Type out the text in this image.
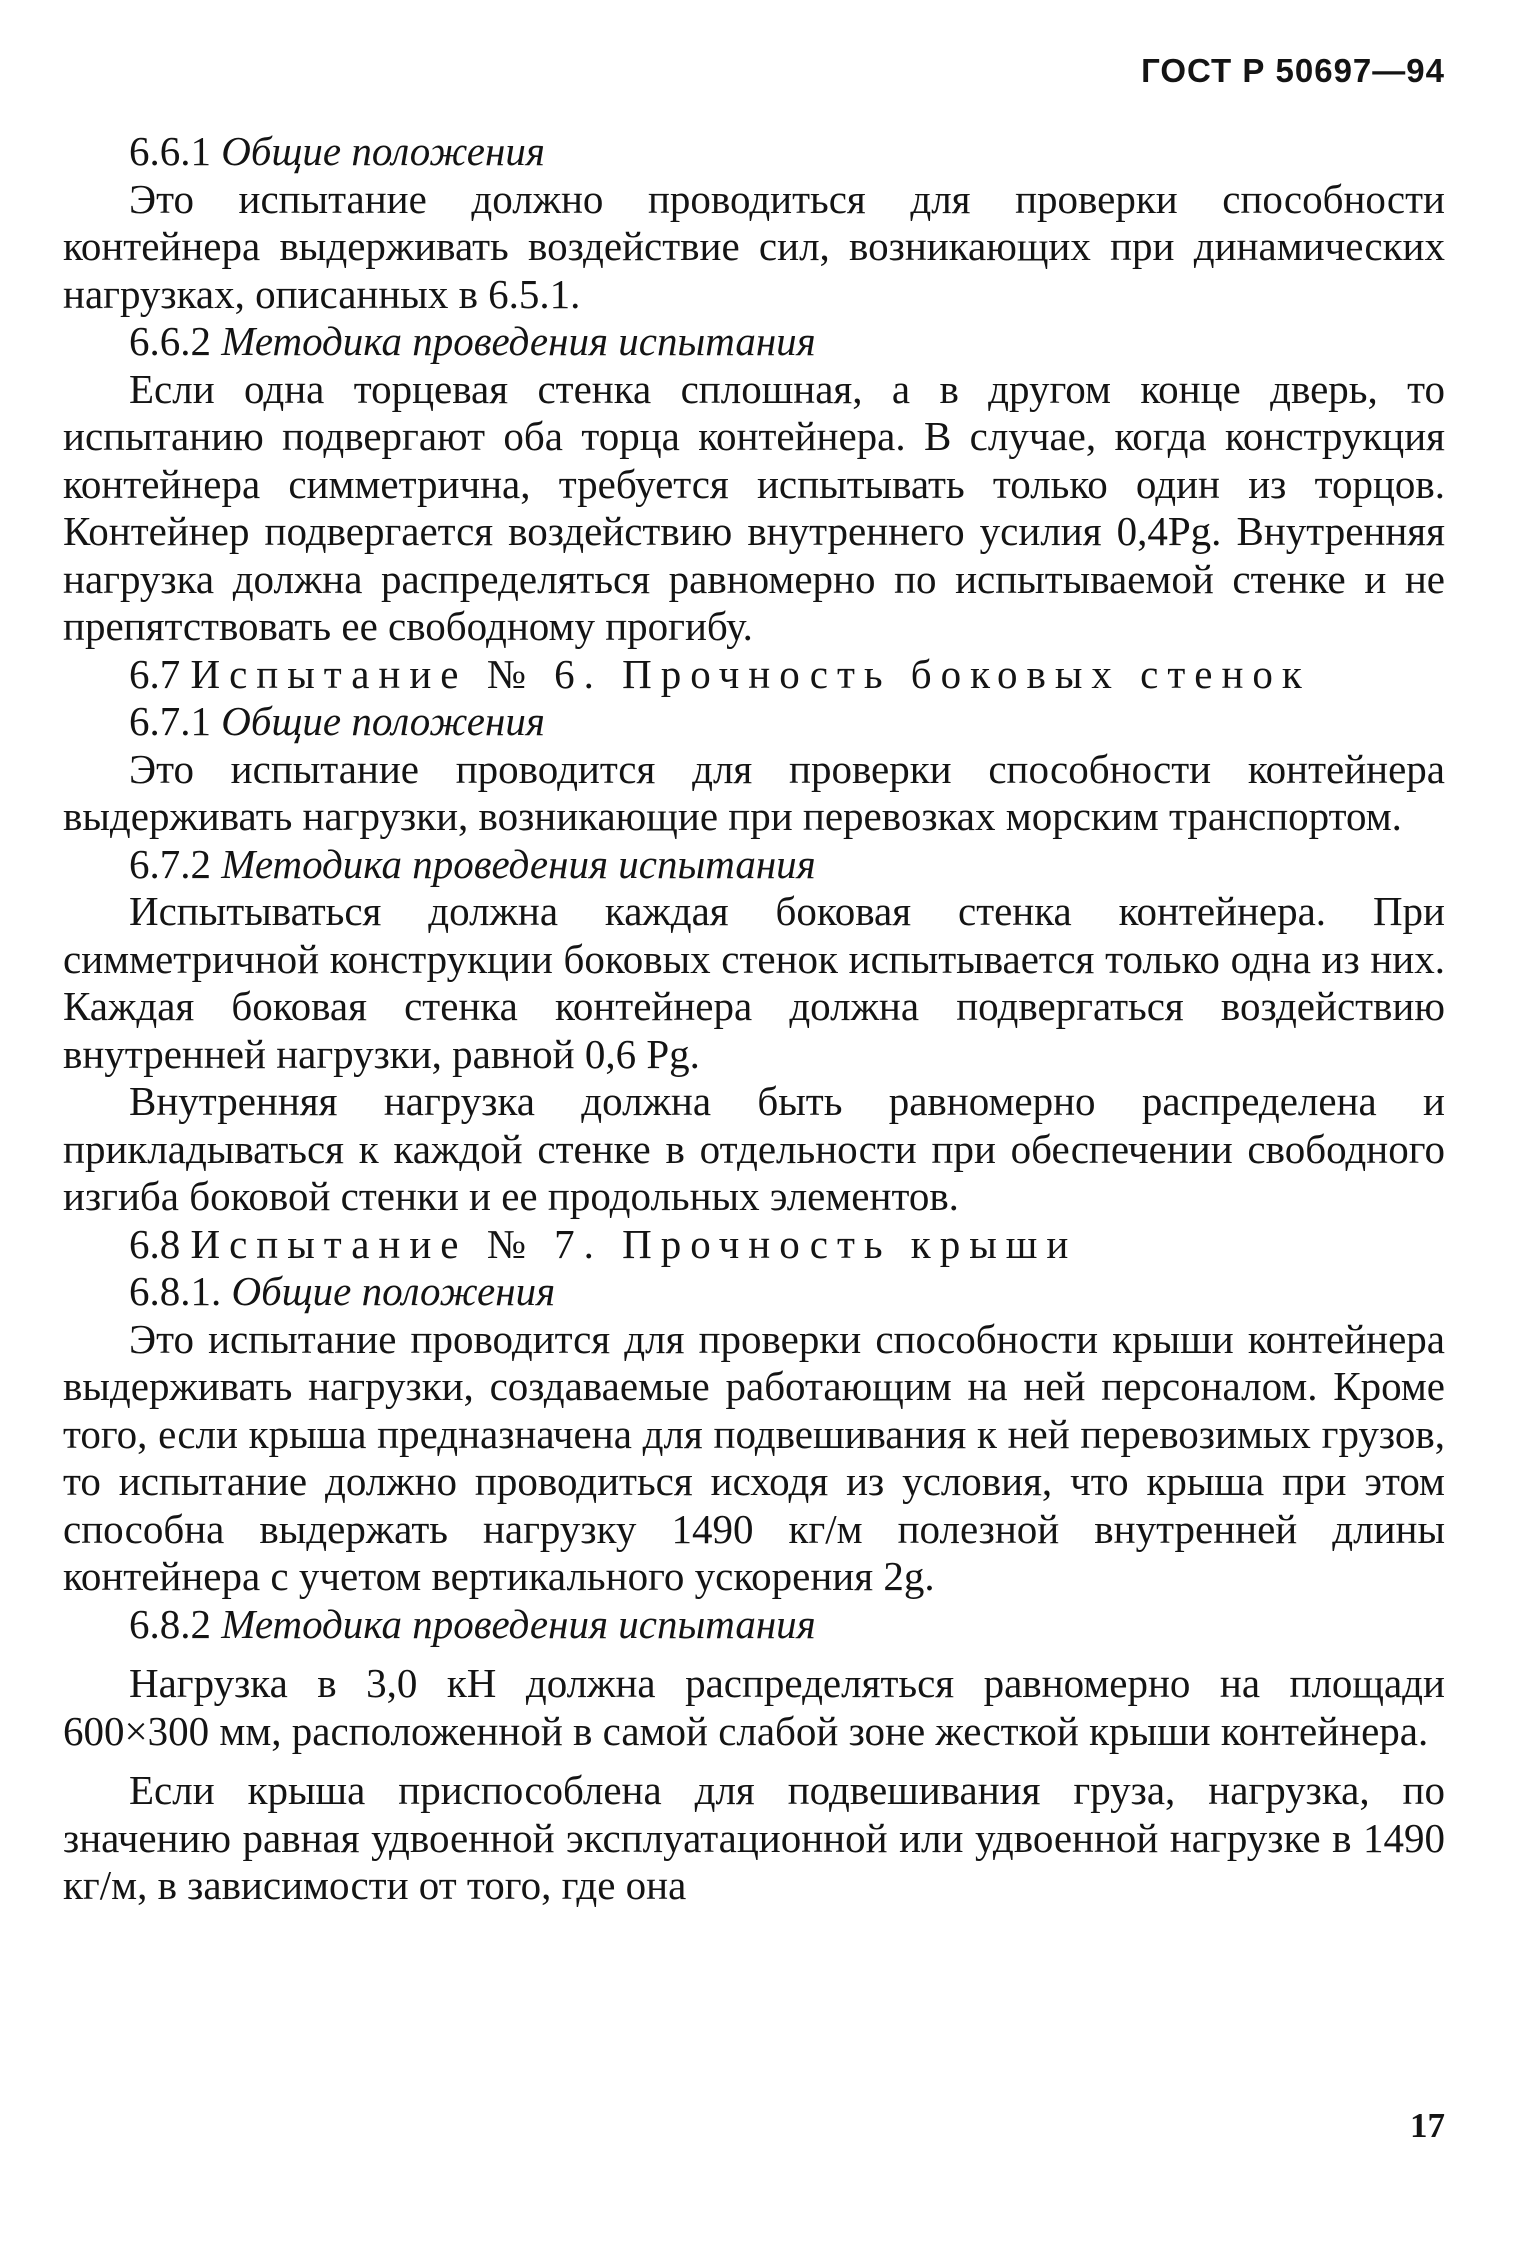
ГОСТ Р 50697—94

6.6.1 Общие положения

Это испытание должно проводиться для проверки способности контейнера выдерживать воздействие сил, возникающих при динамических нагрузках, описанных в 6.5.1.

6.6.2 Методика проведения испытания

Если одна торцевая стенка сплошная, а в другом конце дверь, то испытанию подвергают оба торца контейнера. В случае, когда конструкция контейнера симметрична, требуется испытывать только один из торцов. Контейнер подвергается воздействию внутреннего усилия 0,4Pg. Внутренняя нагрузка должна распределяться равномерно по испытываемой стенке и не препятствовать ее свободному прогибу.

6.7 Испытание № 6. Прочность боковых стенок

6.7.1 Общие положения

Это испытание проводится для проверки способности контейнера выдерживать нагрузки, возникающие при перевозках морским транспортом.

6.7.2 Методика проведения испытания

Испытываться должна каждая боковая стенка контейнера. При симметричной конструкции боковых стенок испытывается только одна из них. Каждая боковая стенка контейнера должна подвергаться воздействию внутренней нагрузки, равной 0,6 Pg.

Внутренняя нагрузка должна быть равномерно распределена и прикладываться к каждой стенке в отдельности при обеспечении свободного изгиба боковой стенки и ее продольных элементов.

6.8 Испытание № 7. Прочность крыши

6.8.1. Общие положения

Это испытание проводится для проверки способности крыши контейнера выдерживать нагрузки, создаваемые работающим на ней персоналом. Кроме того, если крыша предназначена для подвешивания к ней перевозимых грузов, то испытание должно проводиться исходя из условия, что крыша при этом способна выдержать нагрузку 1490 кг/м полезной внутренней длины контейнера с учетом вертикального ускорения 2g.

6.8.2 Методика проведения испытания

Нагрузка в 3,0 кН должна распределяться равномерно на площади 600×300 мм, расположенной в самой слабой зоне жесткой крыши контейнера.

Если крыша приспособлена для подвешивания груза, нагрузка, по значению равная удвоенной эксплуатационной или удвоенной нагрузке в 1490 кг/м, в зависимости от того, где она

17
